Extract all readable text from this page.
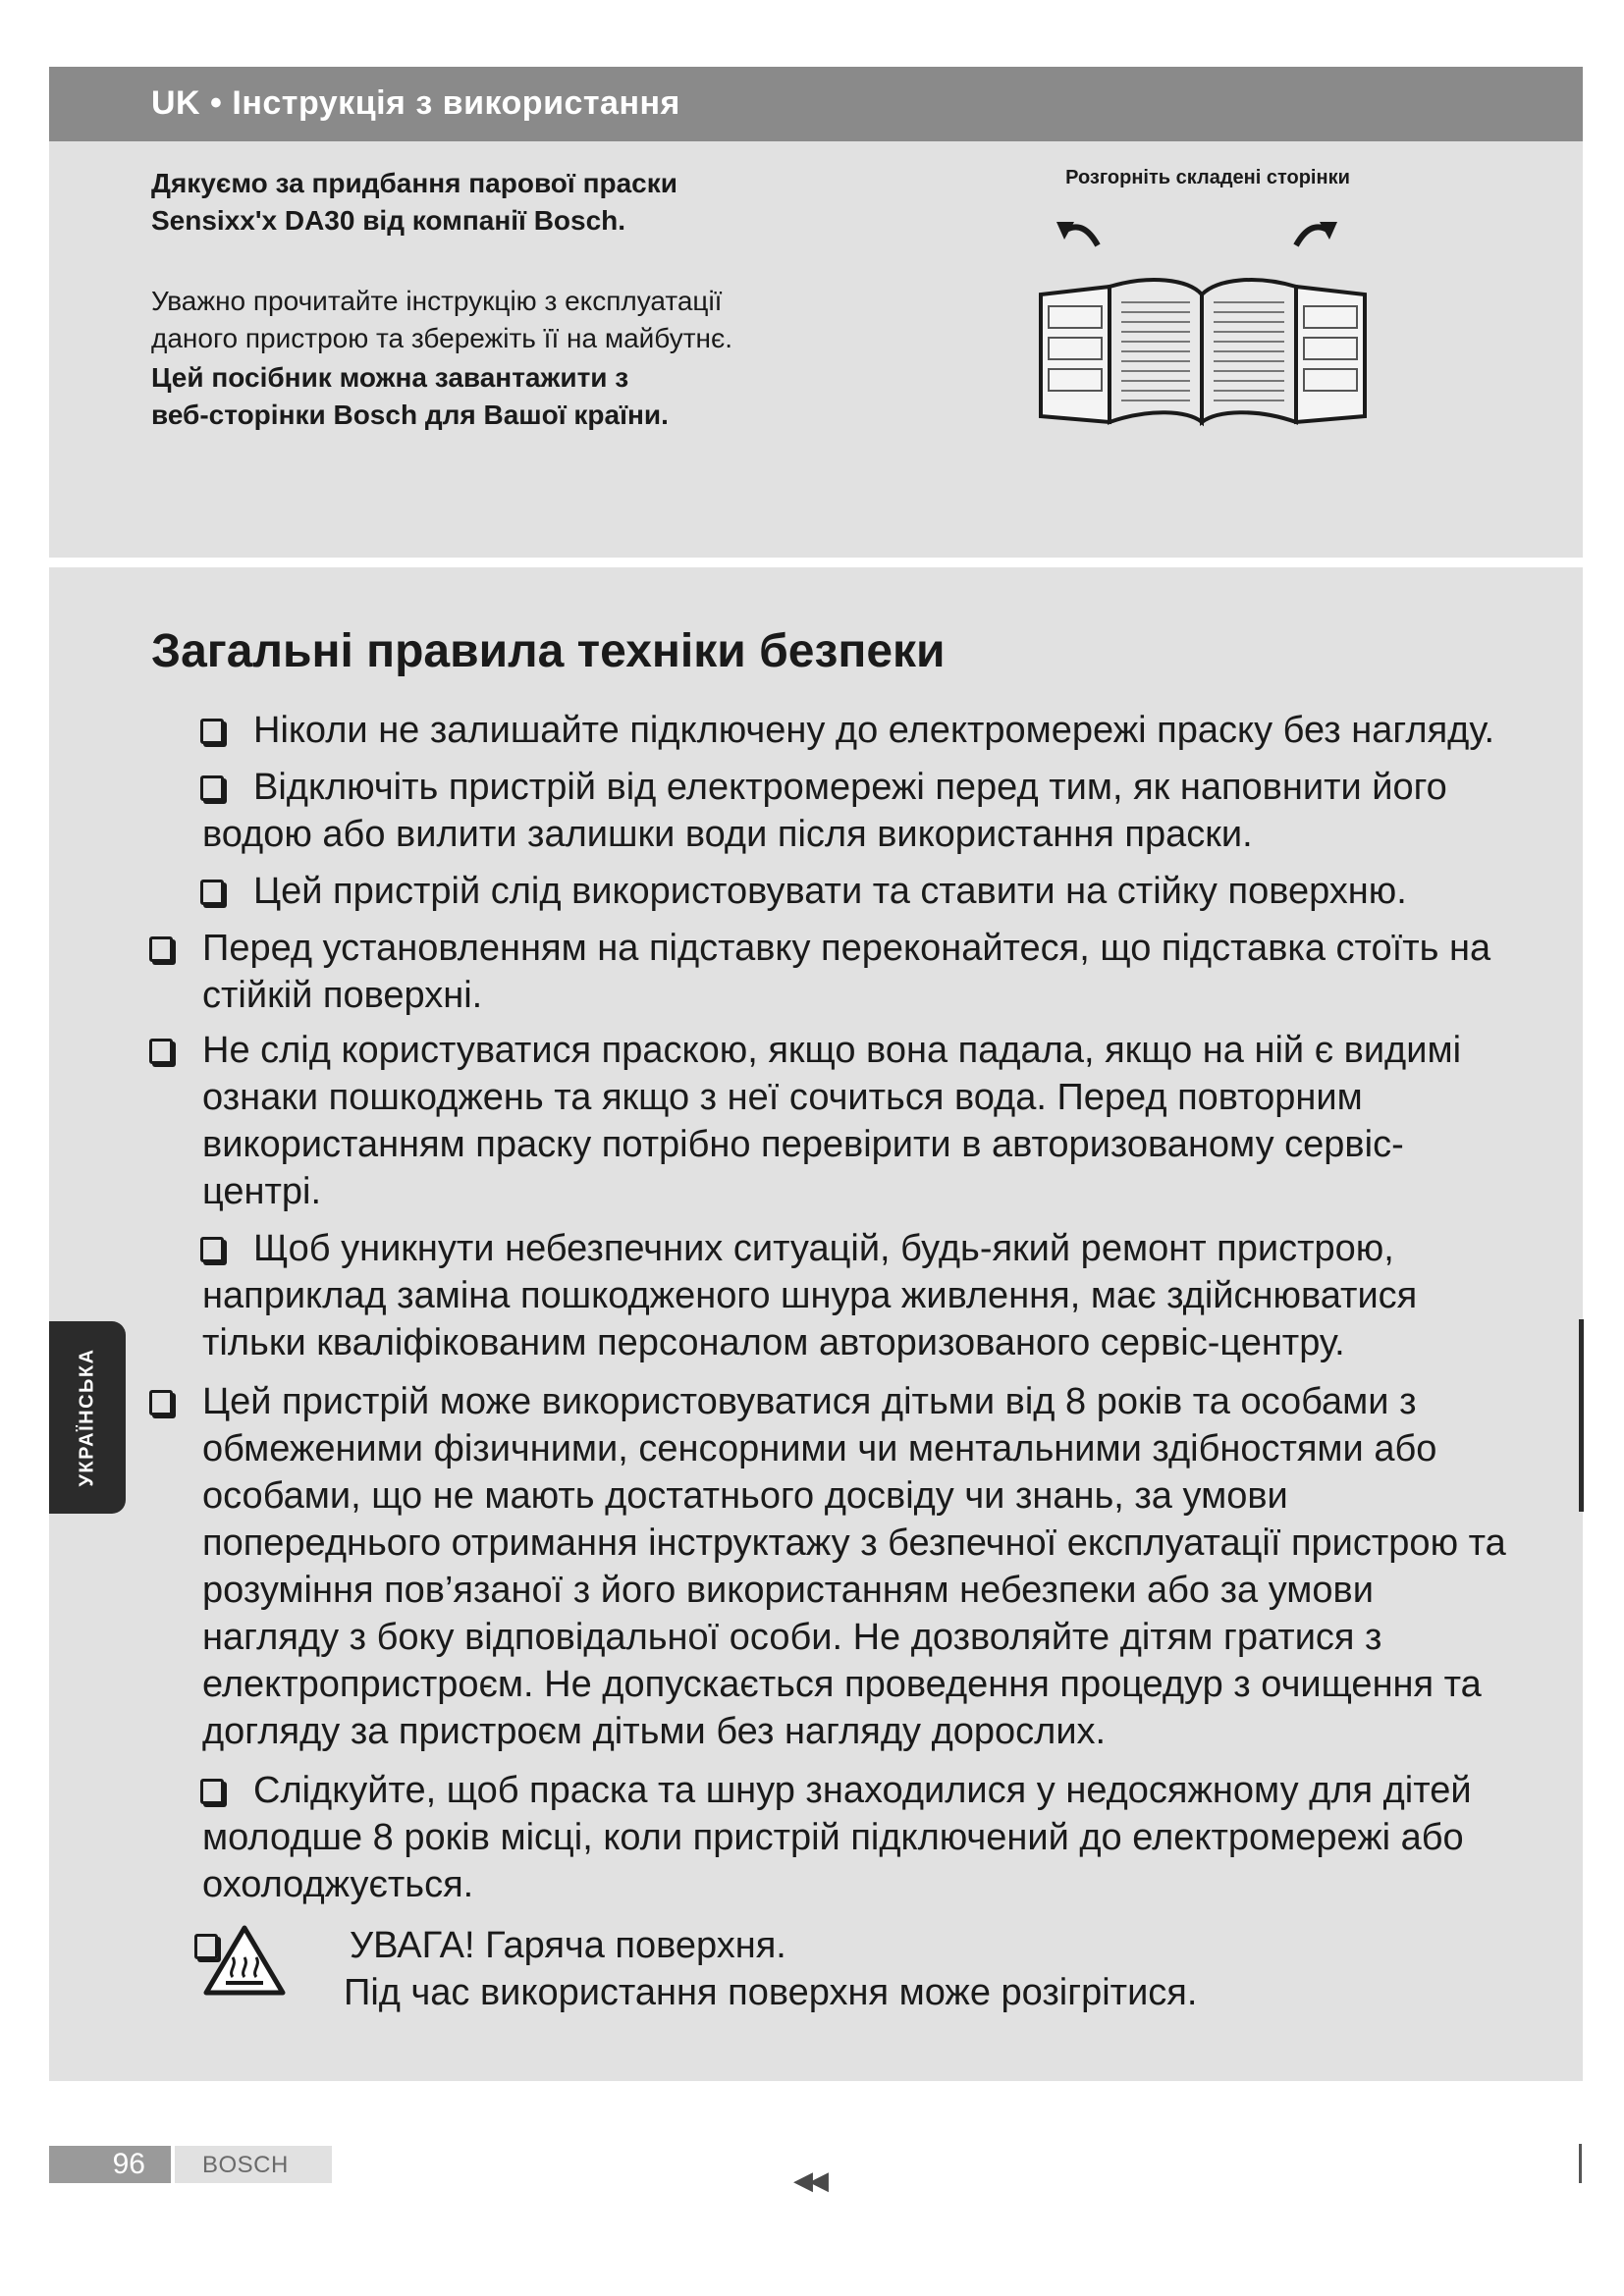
UK • Інструкція з використання

Дякуємо за придбання парової праски
Sensixx'x DA30 від компанії Bosch.

Уважно прочитайте інструкцію з експлуатації
даного пристрою та збережіть її на майбутнє.

Цей посібник можна завантажити з
веб-сторінки Bosch для Вашої країни.

Розгорніть складені сторінки
Загальні правила техніки безпеки

Ніколи не залишайте підключену до електромережі праску без нагляду.

Відключіть пристрій від електромережі перед тим, як наповнити його
водою або вилити залишки води після використання праски.

Цей пристрій слід використовувати та ставити на стійку поверхню.

Перед установленням на підставку переконайтеся, що підставка стоїть на
стійкій поверхні.

Не слід користуватися праскою, якщо вона падала, якщо на ній є видимі
ознаки пошкоджень та якщо з неї сочиться вода. Перед повторним
використанням праску потрібно перевірити в авторизованому сервіс-
центрі.

Щоб уникнути небезпечних ситуацій, будь-який ремонт пристрою,
наприклад заміна пошкодженого шнура живлення, має здійснюватися
тільки кваліфікованим персоналом авторизованого сервіс-центру.

Цей пристрій може використовуватися дітьми від 8 років та особами з
обмеженими фізичними, сенсорними чи ментальними здібностями або
особами, що не мають достатнього досвіду чи знань, за умови
попереднього отримання інструктажу з безпечної експлуатації пристрою та
розуміння пов’язаної з його використанням небезпеки або за умови
нагляду з боку відповідальної особи. Не дозволяйте дітям гратися з
електропристроєм. Не допускається проведення процедур з очищення та
догляду за пристроєм дітьми без нагляду дорослих.

Слідкуйте, щоб праска та шнур знаходилися у недосяжному для дітей
молодше 8 років місці, коли пристрій підключений до електромережі або
охолоджується.

УВАГА! Гаряча поверхня.
Під час використання поверхня може розігрітися.

УКРАЇНСЬКА
96 BOSCH
◀◀
